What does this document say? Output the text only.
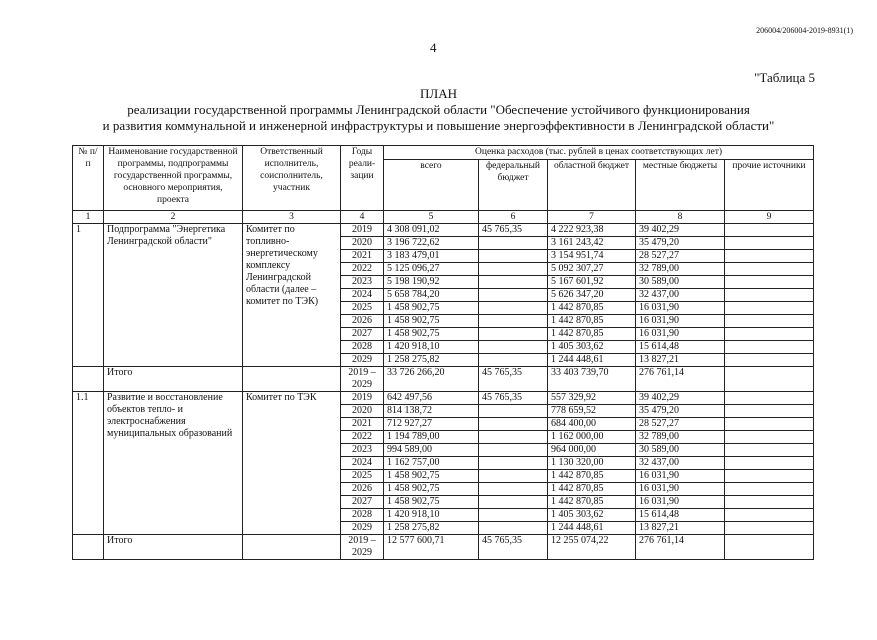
206004/206004-2019-8931(1)
4
"Таблица 5
ПЛАН
реализации государственной программы Ленинградской области "Обеспечение устойчивого функционирования
и развития коммунальной и инженерной инфраструктуры и повышение энергоэффективности в Ленинградской области"
№ п/п	Наименование государственной программы, подпрограммы государственной программы, основного мероприятия, проекта	Ответственный исполнитель, соисполнитель, участник	Годы реали-зации	Оценка расходов (тыс. рублей в ценах соответствующих лет)				
				всего	федеральный бюджет	областной бюджет	местные бюджеты	прочие источники
1	2	3	4	5	6	7	8	9
1	Подпрограмма "Энергетика Ленинградской области"	Комитет по топливно-энергетическому комплексу Ленинградской области (далее – комитет по ТЭК)	2019	4 308 091,02	45 765,35	4 222 923,38	39 402,29	
			2020	3 196 722,62		3 161 243,42	35 479,20	
			2021	3 183 479,01		3 154 951,74	28 527,27	
			2022	5 125 096,27		5 092 307,27	32 789,00	
			2023	5 198 190,92		5 167 601,92	30 589,00	
			2024	5 658 784,20		5 626 347,20	32 437,00	
			2025	1 458 902,75		1 442 870,85	16 031,90	
			2026	1 458 902,75		1 442 870,85	16 031,90	
			2027	1 458 902,75		1 442 870,85	16 031,90	
			2028	1 420 918,10		1 405 303,62	15 614,48	
			2029	1 258 275,82		1 244 448,61	13 827,21	
	Итого		2019 – 2029	33 726 266,20	45 765,35	33 403 739,70	276 761,14	
1.1	Развитие и восстановление объектов тепло- и электроснабжения муниципальных образований	Комитет по ТЭК	2019	642 497,56	45 765,35	557 329,92	39 402,29	
			2020	814 138,72		778 659,52	35 479,20	
			2021	712 927,27		684 400,00	28 527,27	
			2022	1 194 789,00		1 162 000,00	32 789,00	
			2023	994 589,00		964 000,00	30 589,00	
			2024	1 162 757,00		1 130 320,00	32 437,00	
			2025	1 458 902,75		1 442 870,85	16 031,90	
			2026	1 458 902,75		1 442 870,85	16 031,90	
			2027	1 458 902,75		1 442 870,85	16 031,90	
			2028	1 420 918,10		1 405 303,62	15 614,48	
			2029	1 258 275,82		1 244 448,61	13 827,21	
	Итого		2019 – 2029	12 577 600,71	45 765,35	12 255 074,22	276 761,14	
